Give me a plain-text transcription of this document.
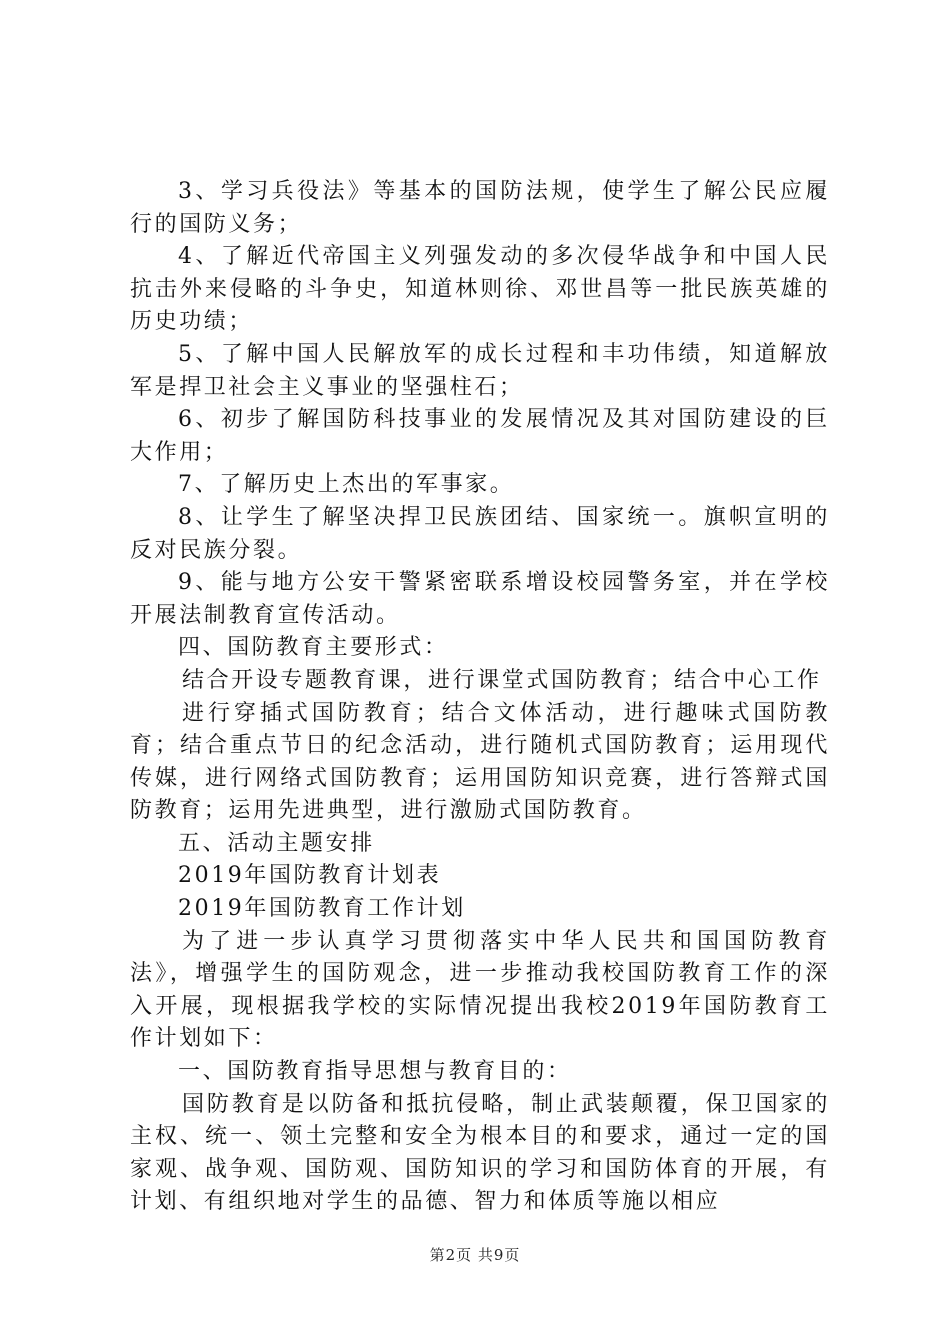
3、学习兵役法》等基本的国防法规，使学生了解公民应履行的国防义务；

4、了解近代帝国主义列强发动的多次侵华战争和中国人民抗击外来侵略的斗争史，知道林则徐、邓世昌等一批民族英雄的历史功绩；

5、了解中国人民解放军的成长过程和丰功伟绩，知道解放军是捍卫社会主义事业的坚强柱石；

6、初步了解国防科技事业的发展情况及其对国防建设的巨大作用；

7、了解历史上杰出的军事家。

8、让学生了解坚决捍卫民族团结、国家统一。旗帜宣明的反对民族分裂。

9、能与地方公安干警紧密联系增设校园警务室，并在学校开展法制教育宣传活动。

四、国防教育主要形式：

结合开设专题教育课，进行课堂式国防教育；结合中心工作

进行穿插式国防教育；结合文体活动，进行趣味式国防教育；结合重点节日的纪念活动，进行随机式国防教育；运用现代传媒，进行网络式国防教育；运用国防知识竞赛，进行答辩式国防教育；运用先进典型，进行激励式国防教育。

五、活动主题安排

2019年国防教育计划表

2019年国防教育工作计划

为了进一步认真学习贯彻落实中华人民共和国国防教育法》，增强学生的国防观念，进一步推动我校国防教育工作的深入开展，现根据我学校的实际情况提出我校2019年国防教育工作计划如下：

一、国防教育指导思想与教育目的：

国防教育是以防备和抵抗侵略，制止武装颠覆，保卫国家的主权、统一、领土完整和安全为根本目的和要求，通过一定的国家观、战争观、国防观、国防知识的学习和国防体育的开展，有计划、有组织地对学生的品德、智力和体质等施以相应

第2页 共9页
